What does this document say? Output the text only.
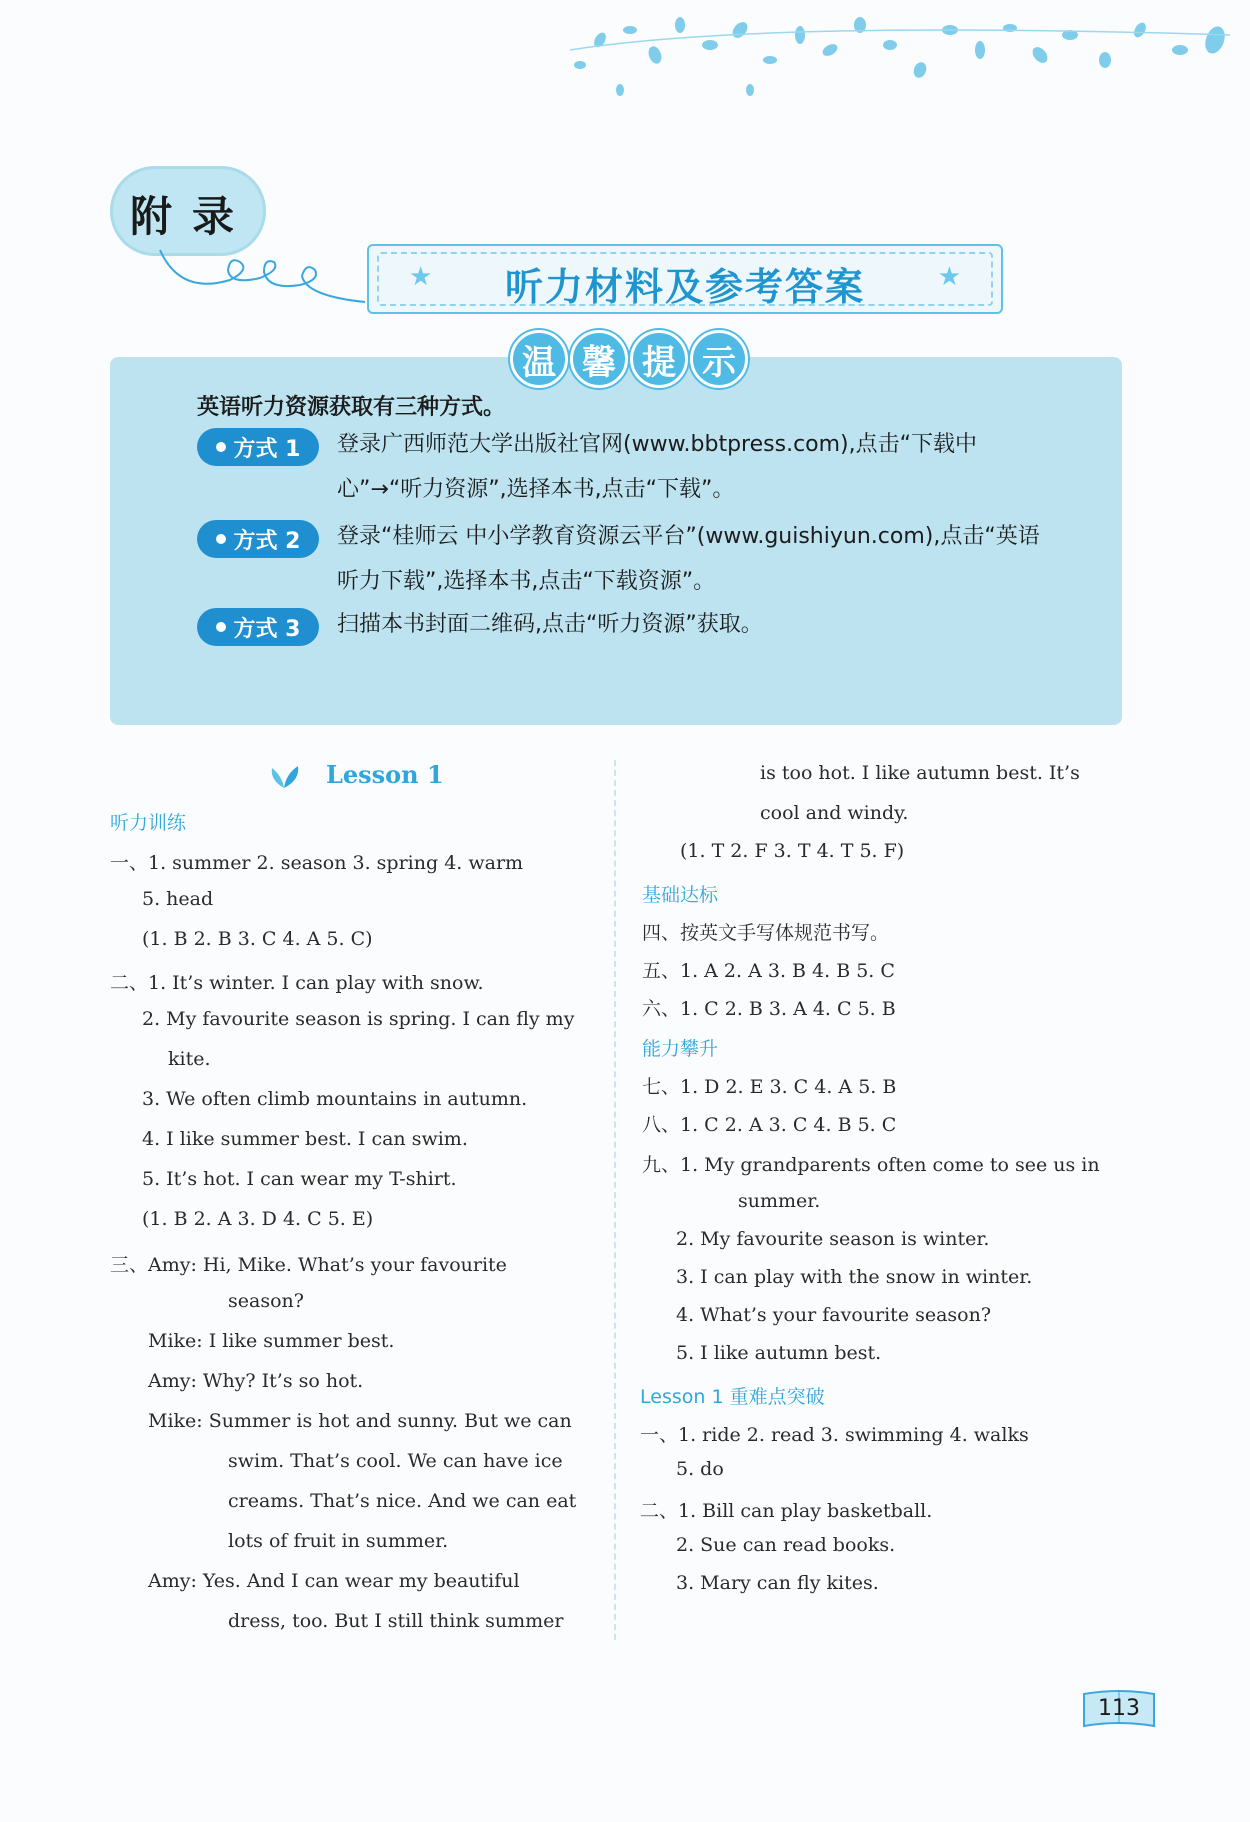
附录
★	听力材料及参考答案	★
温 馨 提 示
英语听力资源获取有三种方式。
方式 1 登录广西师范大学出版社官网(www.bbtpress.com),点击“下载中心”→“听力资源”,选择本书,点击“下载”。
方式 2 登录“桂师云 中小学教育资源云平台”(www.guishiyun.com),点击“英语听力下载”,选择本书,点击“下载资源”。
方式 3 扫描本书封面二维码,点击“听力资源”获取。
Lesson 1
听力训练
一、1. summer 2. season 3. spring 4. warm
5. head
(1. B 2. B 3. C 4. A 5. C)
二、1. It’s winter. I can play with snow.
2. My favourite season is spring. I can fly my
kite.
3. We often climb mountains in autumn.
4. I like summer best. I can swim.
5. It’s hot. I can wear my T-shirt.
(1. B 2. A 3. D 4. C 5. E)
三、Amy: Hi, Mike. What’s your favourite
season?
Mike: I like summer best.
Amy: Why? It’s so hot.
Mike: Summer is hot and sunny. But we can
swim. That’s cool. We can have ice
creams. That’s nice. And we can eat
lots of fruit in summer.
Amy: Yes. And I can wear my beautiful
dress, too. But I still think summer
is too hot. I like autumn best. It’s
cool and windy.
(1. T 2. F 3. T 4. T 5. F)
基础达标
四、按英文手写体规范书写。
五、1. A 2. A 3. B 4. B 5. C
六、1. C 2. B 3. A 4. C 5. B
能力攀升
七、1. D 2. E 3. C 4. A 5. B
八、1. C 2. A 3. C 4. B 5. C
九、1. My grandparents often come to see us in
summer.
2. My favourite season is winter.
3. I can play with the snow in winter.
4. What’s your favourite season?
5. I like autumn best.
Lesson 1 重难点突破
一、1. ride 2. read 3. swimming 4. walks
5. do
二、1. Bill can play basketball.
2. Sue can read books.
3. Mary can fly kites.
113
